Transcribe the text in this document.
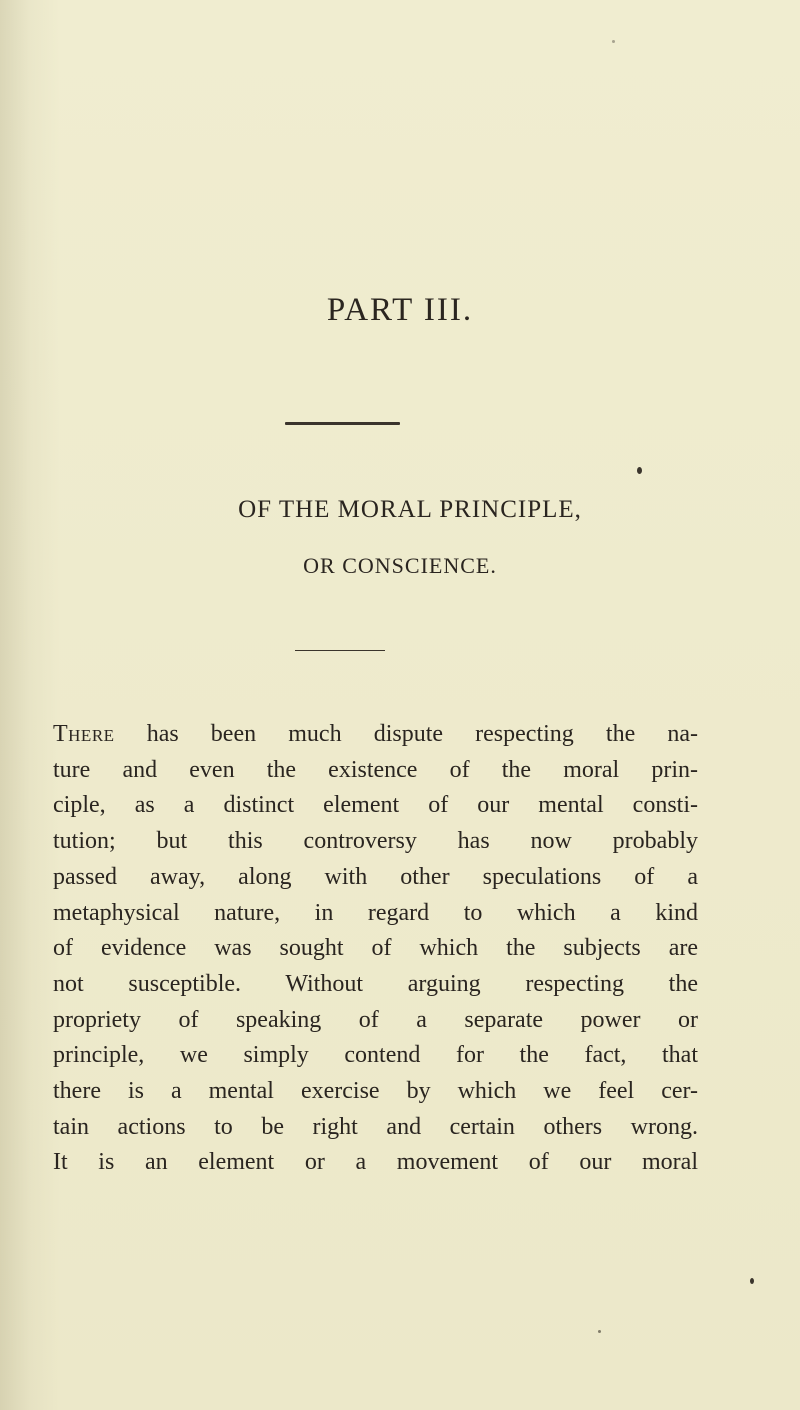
PART III.
OF THE MORAL PRINCIPLE,
OR CONSCIENCE.
There has been much dispute respecting the na-
ture and even the existence of the moral prin-
ciple, as a distinct element of our mental consti-
tution; but this controversy has now probably
passed away, along with other speculations of a
metaphysical nature, in regard to which a kind
of evidence was sought of which the subjects are
not susceptible. Without arguing respecting the
propriety of speaking of a separate power or
principle, we simply contend for the fact, that
there is a mental exercise by which we feel cer-
tain actions to be right and certain others wrong.
It is an element or a movement of our moral
